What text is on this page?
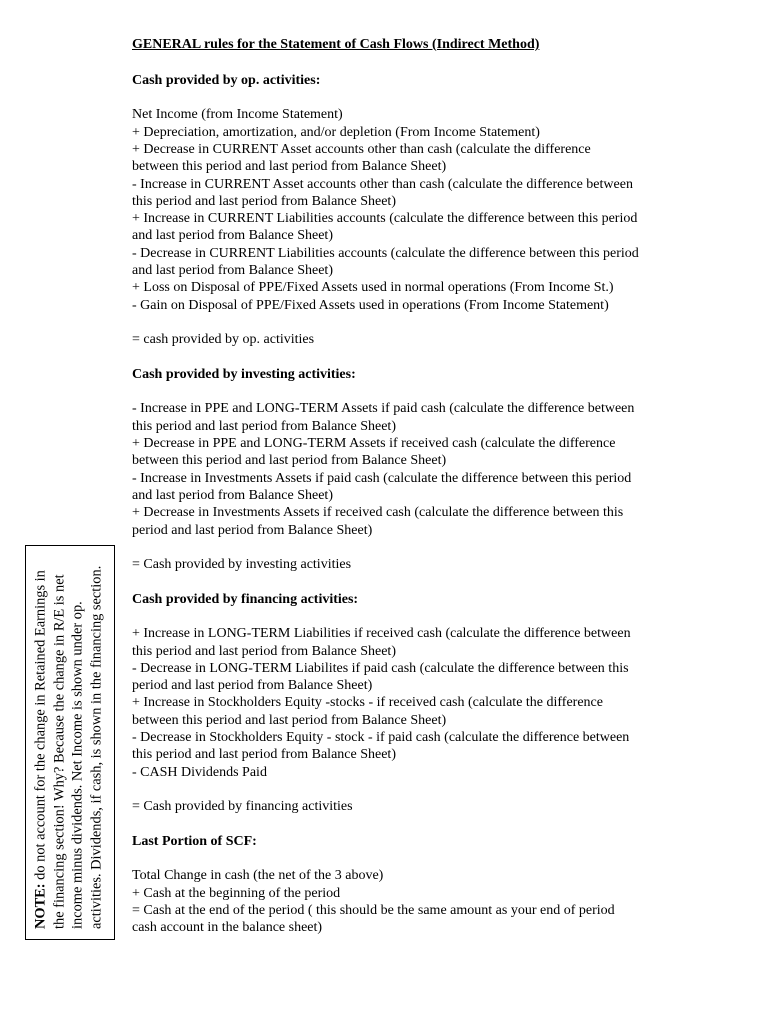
GENERAL rules for the Statement of Cash Flows (Indirect Method)

Cash provided by op. activities:

Net Income (from Income Statement)

+ Depreciation, amortization, and/or depletion (From Income Statement)

+ Decrease in CURRENT Asset accounts other than cash (calculate the difference

between this period and last period from Balance Sheet)

- Increase in CURRENT Asset accounts other than cash (calculate the difference between

this period and last period from Balance Sheet)

+ Increase in CURRENT Liabilities accounts (calculate the difference between this period

and last period from Balance Sheet)

- Decrease in CURRENT Liabilities accounts (calculate the difference between this period

and last period from Balance Sheet)

+ Loss on Disposal of PPE/Fixed Assets used in normal operations (From Income St.)

- Gain on Disposal of PPE/Fixed Assets used in operations (From Income Statement)

= cash provided by op. activities

Cash provided by investing activities:

- Increase in PPE and LONG-TERM Assets if paid cash (calculate the difference between

this period and last period from Balance Sheet)

+ Decrease in PPE and LONG-TERM Assets if received cash (calculate the difference

between this period and last period from Balance Sheet)

- Increase in Investments Assets if paid cash (calculate the difference between this period

and last period from Balance Sheet)

+ Decrease in Investments Assets if received cash (calculate the difference between this

period and last period from Balance Sheet)

= Cash provided by investing activities

Cash provided by financing activities:

+ Increase in LONG-TERM Liabilities if received cash (calculate the difference between

this period and last period from Balance Sheet)

- Decrease in LONG-TERM Liabilites if paid cash (calculate the difference between this

period and last period from Balance Sheet)

+ Increase in Stockholders Equity -stocks - if received cash (calculate the difference

between this period and last period from Balance Sheet)

- Decrease in Stockholders Equity - stock - if paid cash (calculate the difference between

this period and last period from Balance Sheet)

- CASH Dividends Paid

= Cash provided by financing activities

Last Portion of SCF:

Total Change in cash (the net of the 3 above)

+ Cash at the beginning of the period

= Cash at the end of the period ( this should be the same amount as your end of period

cash account in the balance sheet)

NOTE: do not account for the change in Retained Earnings in the financing section! Why? Because the change in R/E is net income minus dividends. Net Income is shown under op. activities. Dividends, if cash, is shown in the financing section.
